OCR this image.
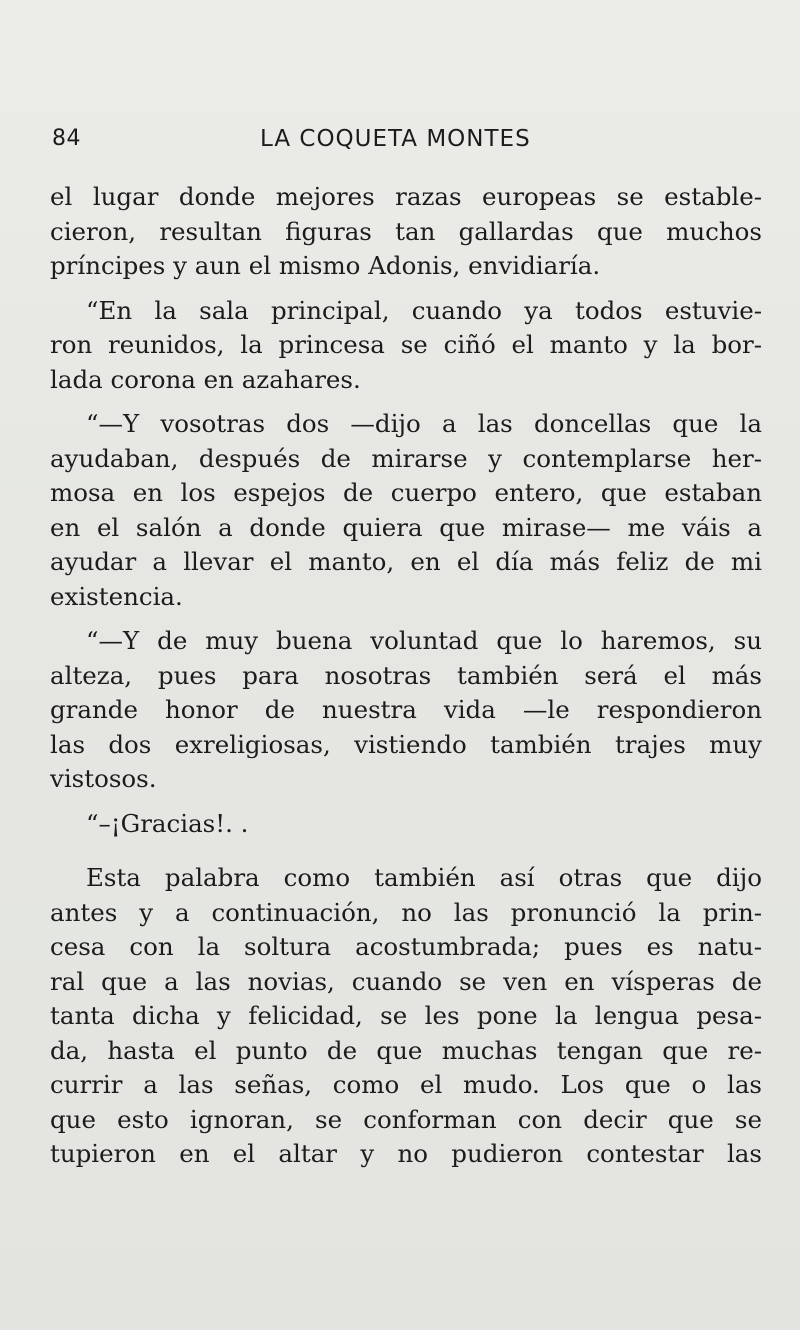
84	LA COQUETA MONTES
el lugar donde mejores razas europeas se estable-
cieron, resultan figuras tan gallardas que muchos
príncipes y aun el mismo Adonis, envidiaría.
“En la sala principal, cuando ya todos estuvie-
ron reunidos, la princesa se ciñó el manto y la bor-
lada corona en azahares.
“—Y vosotras dos —dijo a las doncellas que la
ayudaban, después de mirarse y contemplarse her-
mosa en los espejos de cuerpo entero, que estaban
en el salón a donde quiera que mirase— me váis a
ayudar a llevar el manto, en el día más feliz de mi
existencia.
“—Y de muy buena voluntad que lo haremos, su
alteza, pues para nosotras también será el más
grande honor de nuestra vida —le respondieron
las dos exreligiosas, vistiendo también trajes muy
vistosos.
“–¡Gracias!. .
Esta palabra como también así otras que dijo
antes y a continuación, no las pronunció la prin-
cesa con la soltura acostumbrada; pues es natu-
ral que a las novias, cuando se ven en vísperas de
tanta dicha y felicidad, se les pone la lengua pesa-
da, hasta el punto de que muchas tengan que re-
currir a las señas, como el mudo. Los que o las
que esto ignoran, se conforman con decir que se
tupieron en el altar y no pudieron contestar las
